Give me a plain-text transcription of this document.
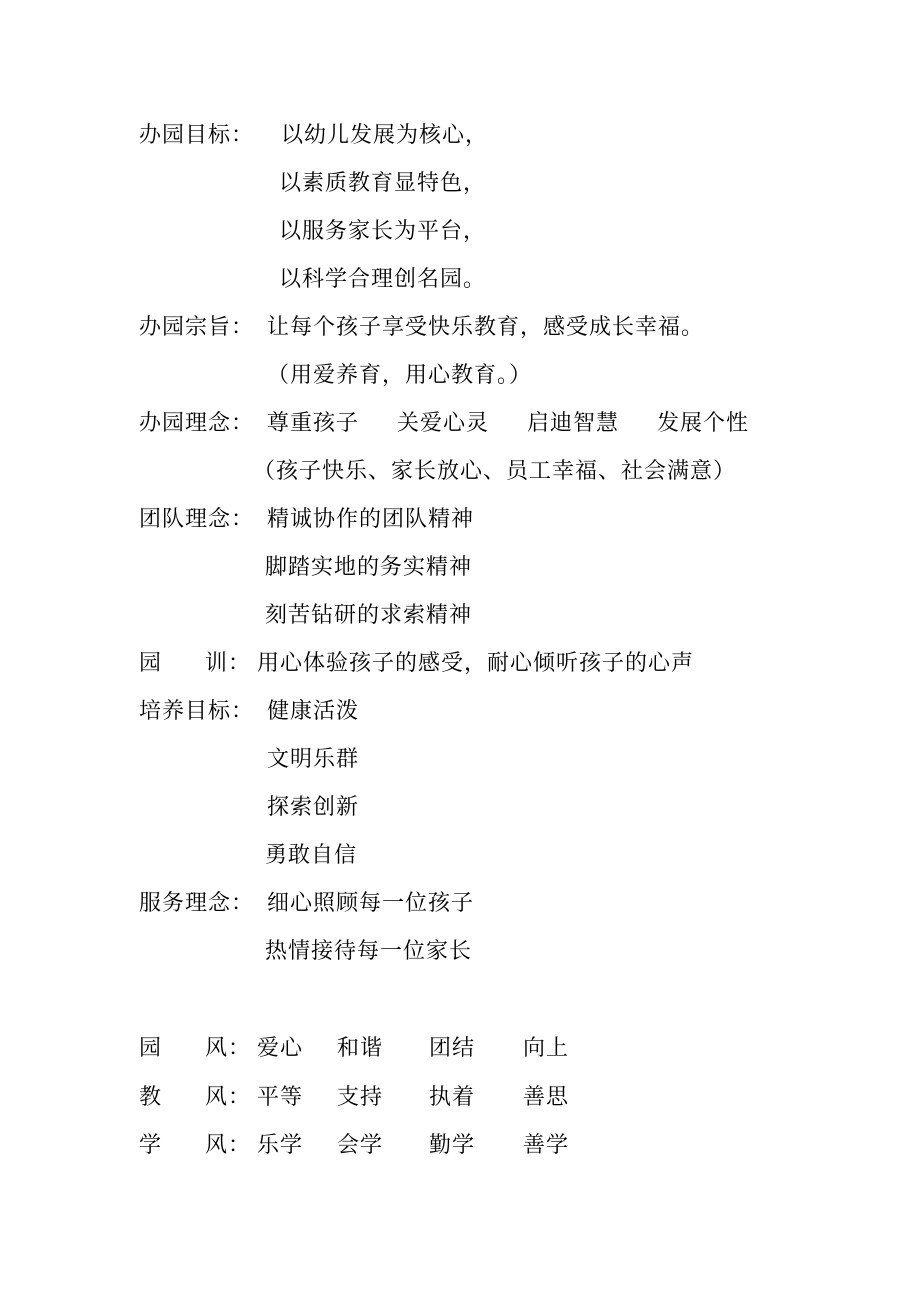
办园目标： 以幼儿发展为核心，
以素质教育显特色，
以服务家长为平台，
以科学合理创名园。
办园宗旨： 让每个孩子享受快乐教育，感受成长幸福。
（用爱养育，用心教育。）
办园理念： 尊重孩子 关爱心灵 启迪智慧 发展个性
（孩子快乐、家长放心、员工幸福、社会满意）
团队理念： 精诚协作的团队精神
脚踏实地的务实精神
刻苦钻研的求索精神
园 训： 用心体验孩子的感受，耐心倾听孩子的心声
培养目标： 健康活泼
文明乐群
探索创新
勇敢自信
服务理念： 细心照顾每一位孩子
热情接待每一位家长
园 风： 爱心 和谐 团结 向上
教 风： 平等 支持 执着 善思
学 风： 乐学 会学 勤学 善学
